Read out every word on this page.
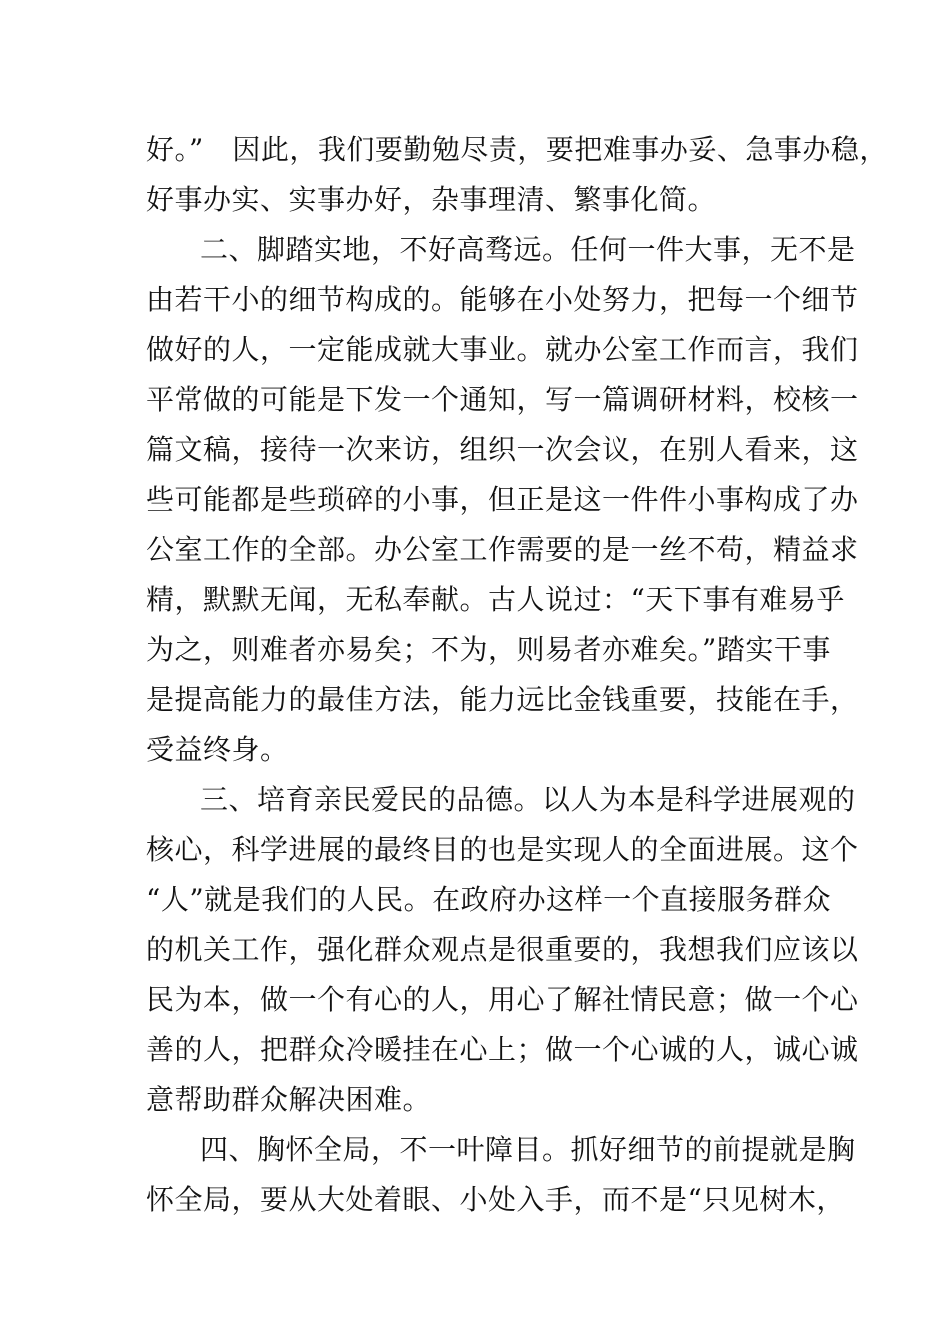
好。”　因此，我们要勤勉尽责，要把难事办妥、急事办稳，
好事办实、实事办好，杂事理清、繁事化简。
二、脚踏实地，不好高骛远。任何一件大事，无不是
由若干小的细节构成的。能够在小处努力，把每一个细节
做好的人，一定能成就大事业。就办公室工作而言，我们
平常做的可能是下发一个通知，写一篇调研材料，校核一
篇文稿，接待一次来访，组织一次会议，在别人看来，这
些可能都是些琐碎的小事，但正是这一件件小事构成了办
公室工作的全部。办公室工作需要的是一丝不苟，精益求
精，默默无闻，无私奉献。古人说过：“天下事有难易乎
为之，则难者亦易矣；不为，则易者亦难矣。”踏实干事
是提高能力的最佳方法，能力远比金钱重要，技能在手，
受益终身。
三、培育亲民爱民的品德。以人为本是科学进展观的
核心，科学进展的最终目的也是实现人的全面进展。这个
“人”就是我们的人民。在政府办这样一个直接服务群众
的机关工作，强化群众观点是很重要的，我想我们应该以
民为本，做一个有心的人，用心了解社情民意；做一个心
善的人，把群众冷暖挂在心上；做一个心诚的人，诚心诚
意帮助群众解决困难。
四、胸怀全局，不一叶障目。抓好细节的前提就是胸
怀全局，要从大处着眼、小处入手，而不是“只见树木，
